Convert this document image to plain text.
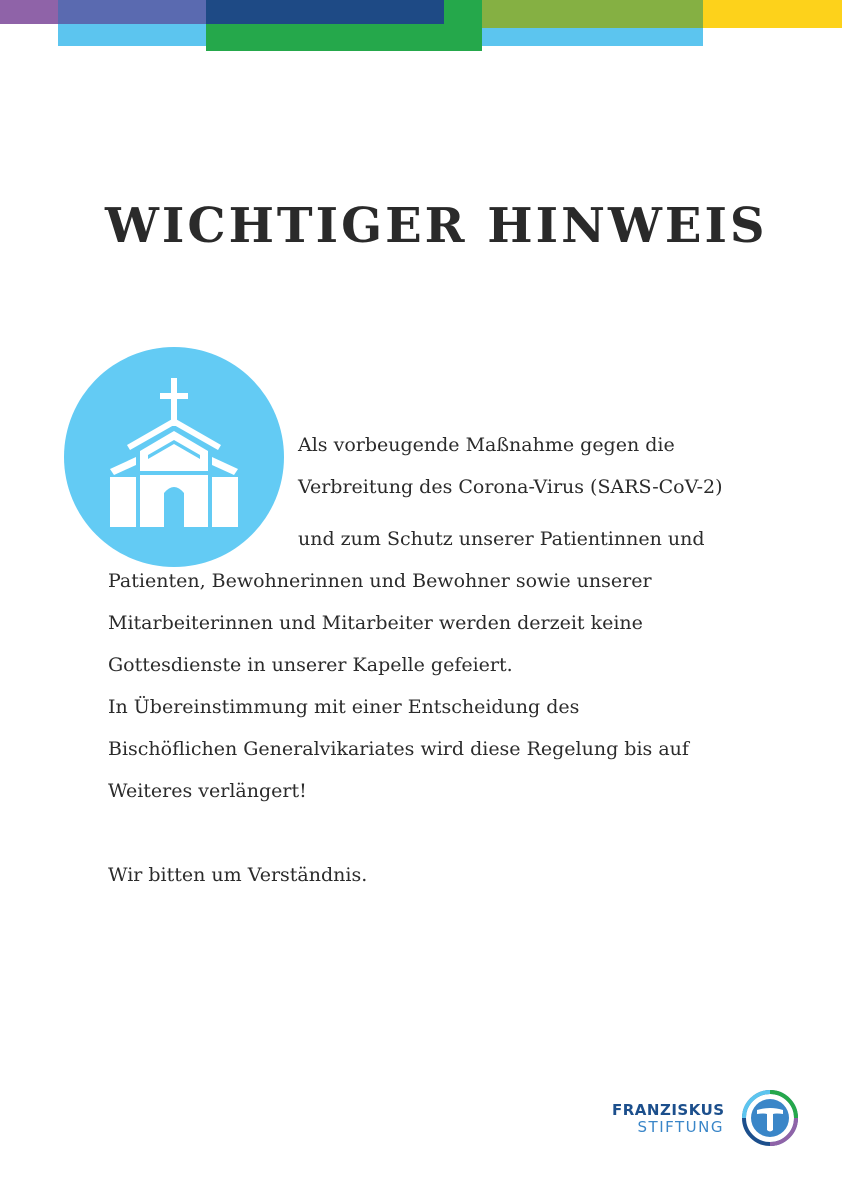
WICHTIGER HINWEIS
Als vorbeugende Maßnahme gegen die
Verbreitung des Corona-Virus (SARS-CoV-2)
und zum Schutz unserer Patientinnen und
Patienten, Bewohnerinnen und Bewohner sowie unserer
Mitarbeiterinnen und Mitarbeiter werden derzeit keine
Gottesdienste in unserer Kapelle gefeiert.
In Übereinstimmung mit einer Entscheidung des
Bischöflichen Generalvikariates wird diese Regelung bis auf
Weiteres verlängert!
Wir bitten um Verständnis.
FRANZISKUS
STIFTUNG
